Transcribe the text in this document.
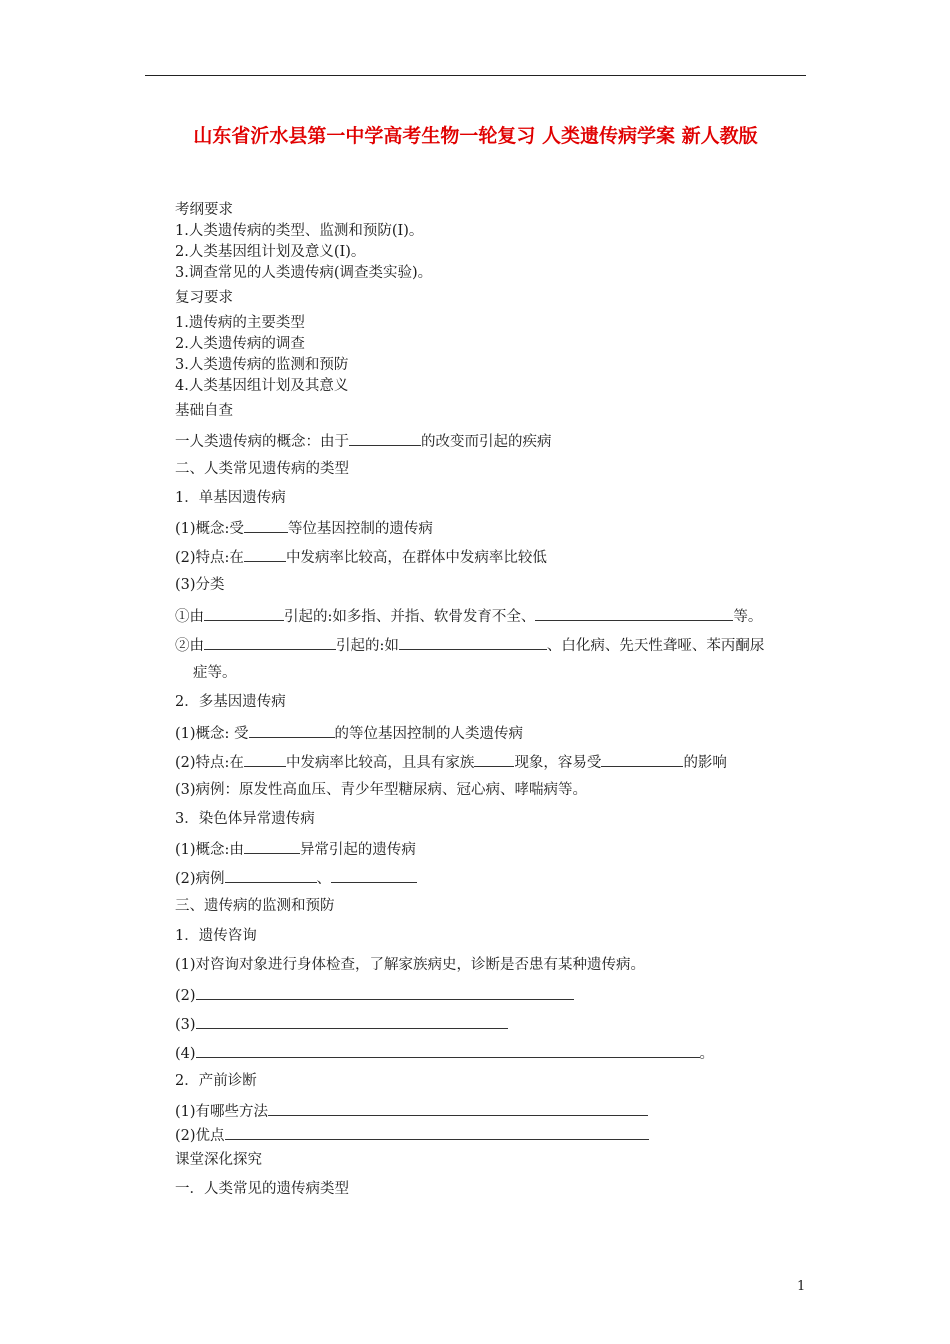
山东省沂水县第一中学高考生物一轮复习 人类遗传病学案 新人教版
考纲要求
1.人类遗传病的类型、监测和预防(Ⅰ)。
2.人类基因组计划及意义(Ⅰ)。
3.调查常见的人类遗传病(调查类实验)。
复习要求
1.遗传病的主要类型
2.人类遗传病的调查
3.人类遗传病的监测和预防
4.人类基因组计划及其意义
基础自查
一人类遗传病的概念：由于	的改变而引起的疾病
二、人类常见遗传病的类型
1．单基因遗传病
(1)概念:受	等位基因控制的遗传病
(2)特点:在	中发病率比较高，在群体中发病率比较低
(3)分类
①由	引起的:如多指、并指、软骨发育不全、	等。
②由	引起的:如	、白化病、先天性聋哑、苯丙酮尿
症等。
2．多基因遗传病
(1)概念: 受	的等位基因控制的人类遗传病
(2)特点:在	中发病率比较高，且具有家族	现象，容易受	的影响
(3)病例：原发性高血压、青少年型糖尿病、冠心病、哮喘病等。
3．染色体异常遗传病
(1)概念:由	异常引起的遗传病
(2)病例	、
三、遗传病的监测和预防
1．遗传咨询
(1)对咨询对象进行身体检查，了解家族病史，诊断是否患有某种遗传病。
(2)
(3)
(4)	。
2．产前诊断
(1)有哪些方法
(2)优点
课堂深化探究
一．人类常见的遗传病类型
1
